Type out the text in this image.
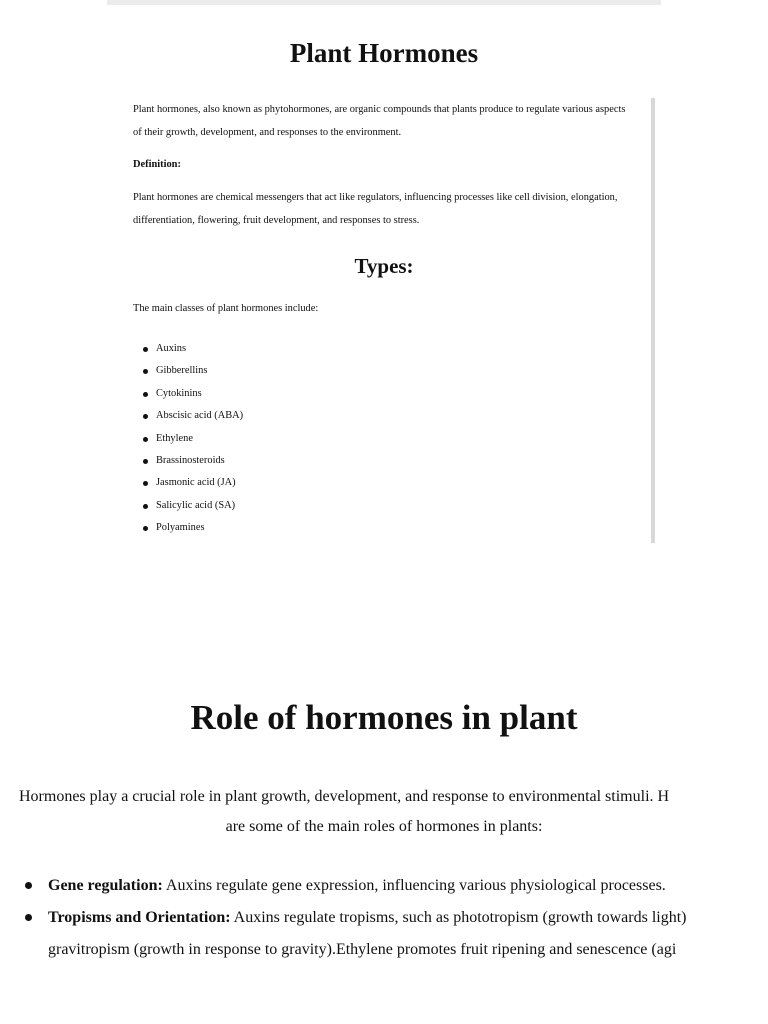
Plant Hormones

Plant hormones, also known as phytohormones, are organic compounds that plants produce to regulate various aspects of their growth, development, and responses to the environment.

Definition:

Plant hormones are chemical messengers that act like regulators, influencing processes like cell division, elongation, differentiation, flowering, fruit development, and responses to stress.

Types:

The main classes of plant hormones include:

Auxins
Gibberellins
Cytokinins
Abscisic acid (ABA)
Ethylene
Brassinosteroids
Jasmonic acid (JA)
Salicylic acid (SA)
Polyamines
Role of hormones in plant

Hormones play a crucial role in plant growth, development, and response to environmental stimuli. H
are some of the main roles of hormones in plants:

Gene regulation: Auxins regulate gene expression, influencing various physiological processes.
Tropisms and Orientation: Auxins regulate tropisms, such as phototropism (growth towards light)
gravitropism (growth in response to gravity).Ethylene promotes fruit ripening and senescence (agi
